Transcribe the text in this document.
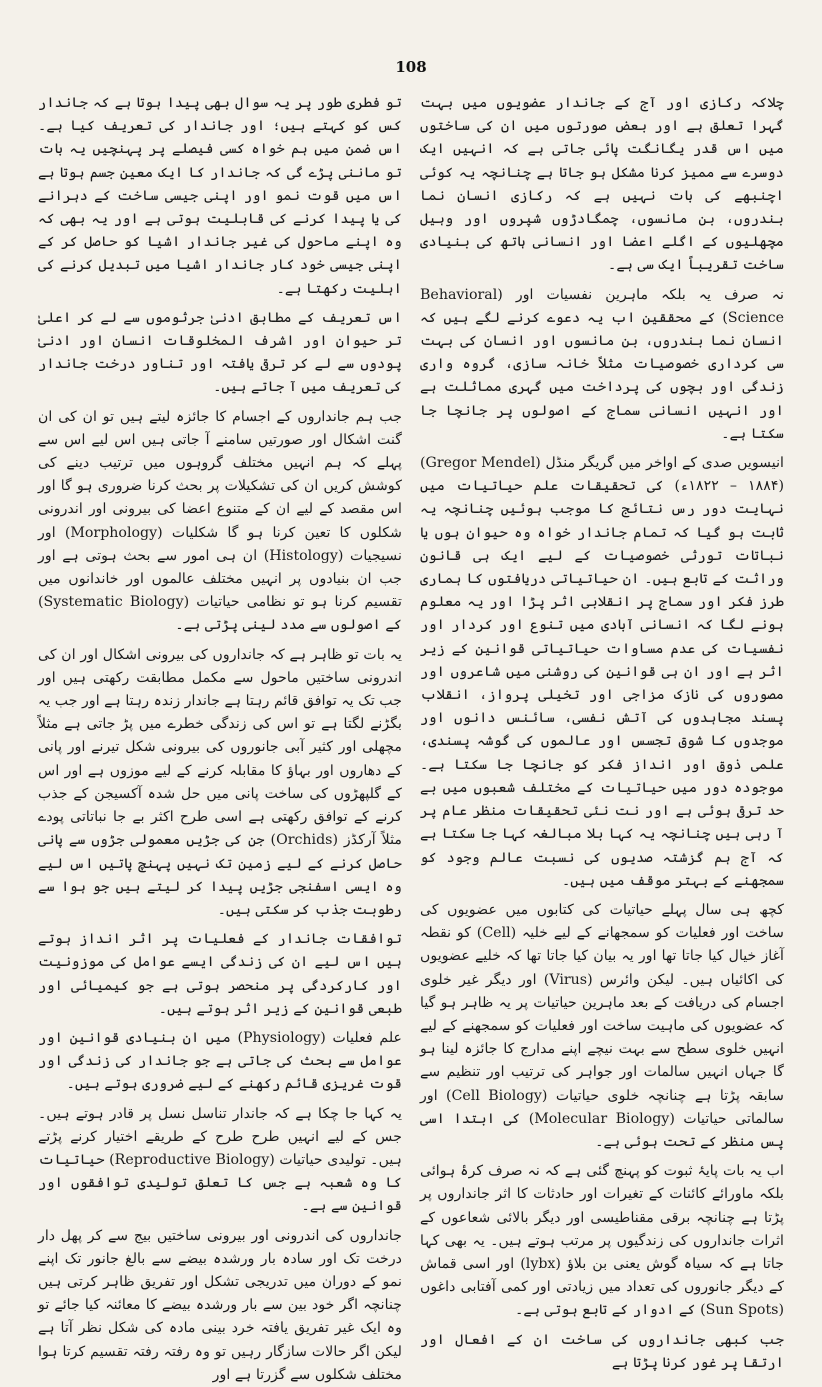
108

چلاکہ رکازی اور آج کے جاندار عضویوں میں بہت گہرا تعلق ہے اور بعض صورتوں میں ان کی ساختوں میں اس قدر یگانگت پائی جاتی ہے کہ انہیں ایک دوسرے سے ممیز کرنا مشکل ہو جاتا ہے چنانچہ یہ کوئی اچنبھے کی بات نہیں ہے کہ رکازی انسان نما بندروں، بن مانسوں، چمگادڑوں شپروں اور وہیل مچھلیوں کے اگلے اعضا اور انسانی ہاتھ کی بنیادی ساخت تقریباً ایک سی ہے۔

نہ صرف یہ بلکہ ماہرین نفسیات اور (Behavioral Science) کے محققین اب یہ دعوے کرنے لگے ہیں کہ انسان نما بندروں، بن مانسوں اور انسان کی بہت سی کرداری خصوصیات مثلاً خانہ سازی، گروہ واری زندگی اور بچوں کی پرداخت میں گہری مماثلت ہے اور انہیں انسانی سماج کے اصولوں پر جانچا جا سکتا ہے۔

انیسویں صدی کے اواخر میں گریگر منڈل (Gregor Mendel) (۱۸۲۲ – ۱۸۸۴ء) کی تحقیقات علم حیاتیات میں نہایت دور رس نتائج کا موجب ہوئیں چنانچہ یہ ثابت ہو گیا کہ تمام جاندار خواہ وہ حیوان ہوں یا نباتات تورثی خصوصیات کے لیے ایک ہی قانون وراثت کے تابع ہیں۔ ان حیاتیاتی دریافتوں کا ہماری طرز فکر اور سماج پر انقلابی اثر پڑا اور یہ معلوم ہونے لگا کہ انسانی آبادی میں تنوع اور کردار اور نفسیات کی عدم مساوات حیاتیاتی قوانین کے زیر اثر ہے اور ان ہی قوانین کی روشنی میں شاعروں اور مصوروں کی نازک مزاجی اور تخیلی پرواز، انقلاب پسند مجاہدوں کی آتش نفسی، سائنس دانوں اور موجدوں کا شوق تجسس اور عالموں کی گوشہ پسندی، علمی ذوق اور انداز فکر کو جانچا جا سکتا ہے۔ موجودہ دور میں حیاتیات کے مختلف شعبوں میں بے حد ترقی ہوئی ہے اور نت نئی تحقیقات منظر عام پر آ رہی ہیں چنانچہ یہ کہا بلا مبالغہ کہا جا سکتا ہے کہ آج ہم گزشتہ صدیوں کی نسبت عالم وجود کو سمجھنے کے بہتر موقف میں ہیں۔

کچھ ہی سال پہلے حیاتیات کی کتابوں میں عضویوں کی ساخت اور فعلیات کو سمجھانے کے لیے خلیہ (Cell) کو نقطہ آغاز خیال کیا جاتا تھا اور یہ بیان کیا جاتا تھا کہ خلیے عضویوں کی اکائیاں ہیں۔ لیکن وائرس (Virus) اور دیگر غیر خلوی اجسام کی دریافت کے بعد ماہرین حیاتیات پر یہ ظاہر ہو گیا کہ عضویوں کی ماہیت ساخت اور فعلیات کو سمجھنے کے لیے انہیں خلوی سطح سے بہت نیچے اپنے مدارج کا جائزہ لینا ہو گا جہاں انہیں سالمات اور جواہر کی ترتیب اور تنظیم سے سابقہ پڑتا ہے چنانچہ خلوی حیاتیات (Cell Biology) اور سالماتی حیاتیات (Molecular Biology) کی ابتدا اسی پس منظر کے تحت ہوئی ہے۔

اب یہ بات پایۂ ثبوت کو پہنچ گئی ہے کہ نہ صرف کرۂ ہوائی بلکہ ماورائے کائنات کے تغیرات اور حادثات کا اثر جانداروں پر پڑتا ہے چنانچہ برقی مقناطیسی اور دیگر بالائی شعاعوں کے اثرات جانداروں کی زندگیوں پر مرتب ہوتے ہیں۔ یہ بھی کہا جاتا ہے کہ سیاہ گوش یعنی بن بلاؤ (lybx) اور اسی قماش کے دیگر جانوروں کی تعداد میں زیادتی اور کمی آفتابی داغوں (Sun Spots) کے ادوار کے تابع ہوتی ہے۔

جب کبھی جانداروں کی ساخت ان کے افعال اور ارتقا پر غور کرنا پڑتا ہے

تو فطری طور پر یہ سوال بھی پیدا ہوتا ہے کہ جاندار کس کو کہتے ہیں؛ اور جاندار کی تعریف کیا ہے۔ اس ضمن میں ہم خواہ کسی فیصلے پر پہنچیں یہ بات تو ماننی پڑے گی کہ جاندار کا ایک معین جسم ہوتا ہے اس میں قوت نمو اور اپنی جیسی ساخت کے دہرانے کی یا پیدا کرنے کی قابلیت ہوتی ہے اور یہ بھی کہ وہ اپنے ماحول کی غیر جاندار اشیا کو حاصل کر کے اپنی جیسی خود کار جاندار اشیا میں تبدیل کرنے کی اہلیت رکھتا ہے۔

اس تعریف کے مطابق ادنیٰ جرثوموں سے لے کر اعلیٰ تر حیوان اور اشرف المخلوقات انسان اور ادنیٰ پودوں سے لے کر ترقی یافتہ اور تناور درخت جاندار کی تعریف میں آ جاتے ہیں۔

جب ہم جانداروں کے اجسام کا جائزہ لیتے ہیں تو ان کی ان گنت اشکال اور صورتیں سامنے آ جاتی ہیں اس لیے اس سے پہلے کہ ہم انہیں مختلف گروہوں میں ترتیب دینے کی کوشش کریں ان کی تشکیلات پر بحث کرنا ضروری ہو گا اور اس مقصد کے لیے ان کے متنوع اعضا کی بیرونی اور اندرونی شکلوں کا تعین کرنا ہو گا شکلیات (Morphology) اور نسیجیات (Histology) ان ہی امور سے بحث ہوتی ہے اور جب ان بنیادوں پر انہیں مختلف عالموں اور خاندانوں میں تقسیم کرنا ہو تو نظامی حیاتیات (Systematic Biology) کے اصولوں سے مدد لینی پڑتی ہے۔

یہ بات تو ظاہر ہے کہ جانداروں کی بیرونی اشکال اور ان کی اندرونی ساختیں ماحول سے مکمل مطابقت رکھتی ہیں اور جب تک یہ توافق قائم رہتا ہے جاندار زندہ رہتا ہے اور جب یہ بگڑنے لگتا ہے تو اس کی زندگی خطرے میں پڑ جاتی ہے مثلاً مچھلی اور کثیر آبی جانوروں کی بیرونی شکل تیرنے اور پانی کے دھاروں اور بہاؤ کا مقابلہ کرنے کے لیے موزوں ہے اور اس کے گلپھڑوں کی ساخت پانی میں حل شدہ آکسیجن کے جذب کرنے کے توافق رکھتی ہے اسی طرح اکثر بے جا نباتاتی پودے مثلاً آرکڈز (Orchids) جن کی جڑیں معمولی جڑوں سے پانی حاصل کرنے کے لیے زمین تک نہیں پہنچ پاتیں اس لیے وہ ایسی اسفنجی جڑیں پیدا کر لیتے ہیں جو ہوا سے رطوبت جذب کر سکتی ہیں۔

توافقات جاندار کے فعلیات پر اثر انداز ہوتے ہیں اس لیے ان کی زندگی ایسے عوامل کی موزونیت اور کارکردگی پر منحصر ہوتی ہے جو کیمیائی اور طبعی قوانین کے زیر اثر ہوتے ہیں۔

علم فعلیات (Physiology) میں ان بنیادی قوانین اور عوامل سے بحث کی جاتی ہے جو جاندار کی زندگی اور قوت غریزی قائم رکھنے کے لیے ضروری ہوتے ہیں۔

یہ کہا جا چکا ہے کہ جاندار تناسل نسل پر قادر ہوتے ہیں۔ جس کے لیے انہیں طرح طرح کے طریقے اختیار کرنے پڑتے ہیں۔ تولیدی حیاتیات (Reproductive Biology) حیاتیات کا وہ شعبہ ہے جس کا تعلق تولیدی توافقوں اور قوانین سے ہے۔

جانداروں کی اندرونی اور بیرونی ساختیں بیج سے کر پھل دار درخت تک اور سادہ بار ورشدہ بیضے سے بالغ جانور تک اپنے نمو کے دوران میں تدریجی تشکل اور تفریق ظاہر کرتی ہیں چنانچہ اگر خود بین سے بار ورشدہ بیضے کا معائنہ کیا جائے تو وہ ایک غیر تفریق یافتہ خرد بینی مادہ کی شکل نظر آتا ہے لیکن اگر حالات سازگار رہیں تو وہ رفتہ رفتہ تقسیم کرتا ہوا مختلف شکلوں سے گزرتا ہے اور
